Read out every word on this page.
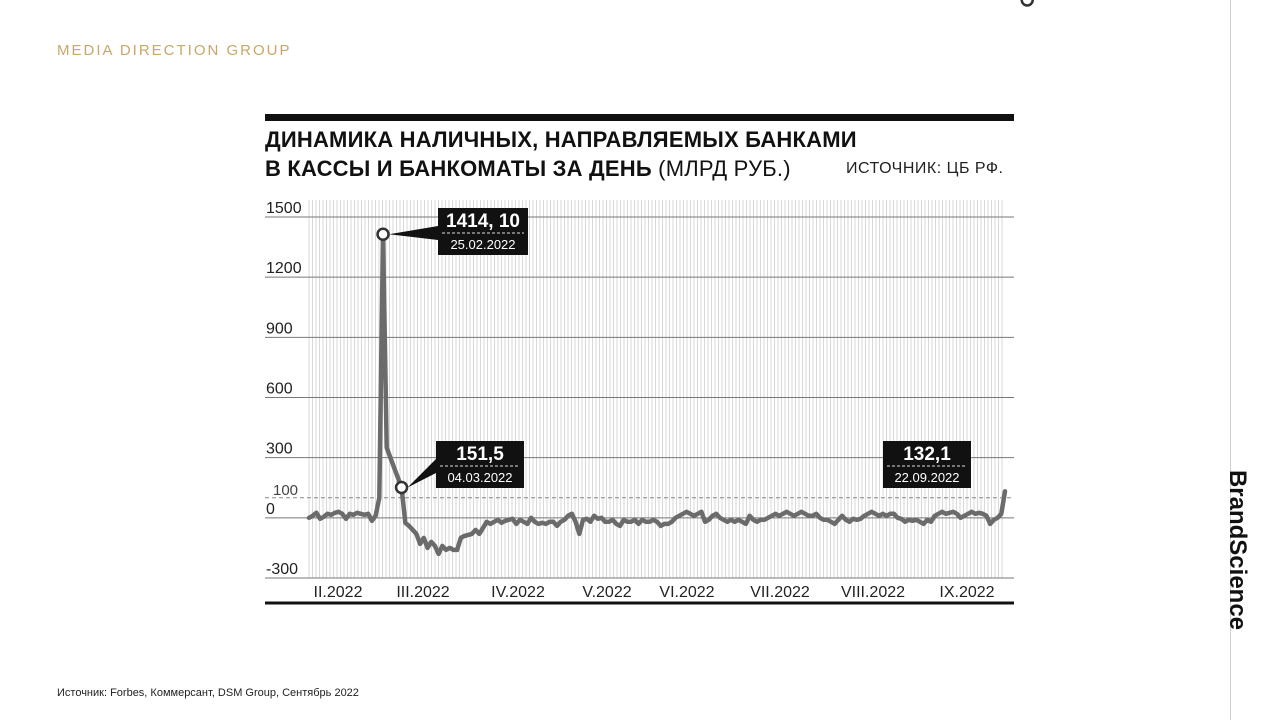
MEDIA DIRECTION GROUP
BrandScience
ДИНАМИКА НАЛИЧНЫХ, НАПРАВЛЯЕМЫХ БАНКАМИ
В КАССЫ И БАНКОМАТЫ ЗА ДЕНЬ (МЛРД РУБ.)	ИСТОЧНИК: ЦБ РФ.
1500
1200
900
600
300
0
-300
100
II.2022 III.2022	IV.2022 V.2022 VI.2022 VII.2022 VIII.2022 IX.2022
1414, 10
25.02.2022
151,5
04.03.2022
132,1
22.09.2022
Источник: Forbes, Коммерсант, DSM Group, Сентябрь 2022
